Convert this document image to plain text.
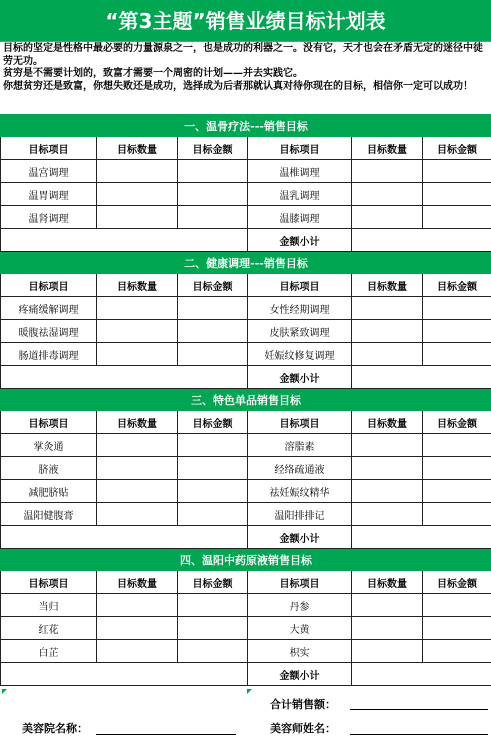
“第3主题”销售业绩目标计划表
目标的坚定是性格中最必要的力量源泉之一，也是成功的利器之一。没有它，天才也会在矛盾无定的迷径中徒劳无功。
贫穷是不需要计划的，致富才需要一个周密的计划——并去实践它。
你想贫穷还是致富，你想失败还是成功，选择成为后者那就认真对待你现在的目标，相信你一定可以成功！
一、温骨疗法---销售目标					
目标项目	目标数量	目标金额	目标项目	目标数量	目标金额
温宫调理			温椎调理		
温胃调理			温乳调理		
温肾调理			温膝调理		
			金额小计		
二、健康调理---销售目标					
目标项目	目标数量	目标金额	目标项目	目标数量	目标金额
疼痛缓解调理			女性经期调理		
暖腹祛湿调理			皮肤紧致调理		
肠道排毒调理			妊娠纹修复调理		
			金额小计		
三、特色单品销售目标					
目标项目	目标数量	目标金额	目标项目	目标数量	目标金额
掌灸通			溶脂素		
脐液			经络疏通液		
减肥脐贴			祛妊娠纹精华		
温阳健腹膏			温阳排排记		
			金额小计		
四、温阳中药原液销售目标					
目标项目	目标数量	目标金额	目标项目	目标数量	目标金额
当归			丹参		
红花			大黄		
白芷			枳实		
			金额小计		
合计销售额：
美容院名称：	美容师姓名：
